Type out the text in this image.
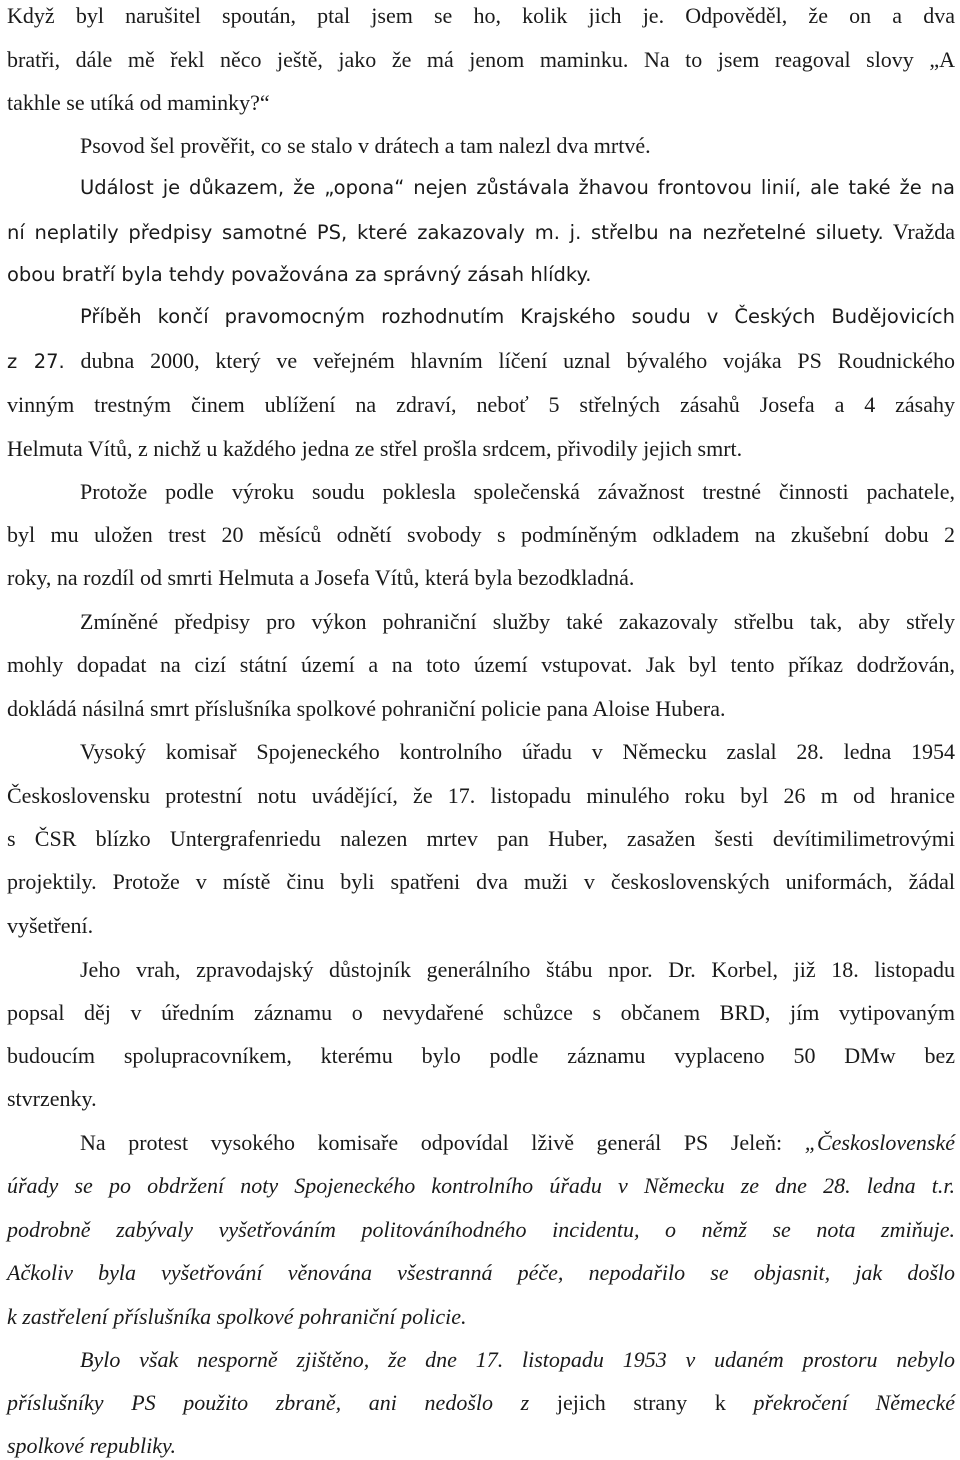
Když byl narušitel spoután, ptal jsem se ho, kolik jich je. Odpověděl, že on a dva
bratři, dále mě řekl něco ještě, jako že má jenom maminku. Na to jsem reagoval slovy „A
takhle se utíká od maminky?“
Psovod šel prověřit, co se stalo v drátech a tam nalezl dva mrtvé.
Událost je důkazem, že „opona“ nejen zůstávala žhavou frontovou linií, ale také že na
ní neplatily předpisy samotné PS, které zakazovaly m. j. střelbu na nezřetelné siluety. Vražda
obou bratří byla tehdy považována za správný zásah hlídky.
Příběh končí pravomocným rozhodnutím Krajského soudu v Českých Budějovicích
z 27. dubna 2000, který ve veřejném hlavním líčení uznal bývalého vojáka PS Roudnického
vinným trestným činem ublížení na zdraví, neboť 5 střelných zásahů Josefa a 4 zásahy
Helmuta Vítů, z nichž u každého jedna ze střel prošla srdcem, přivodily jejich smrt.
Protože podle výroku soudu poklesla společenská závažnost trestné činnosti pachatele,
byl mu uložen trest 20 měsíců odnětí svobody s podmíněným odkladem na zkušební dobu 2
roky, na rozdíl od smrti Helmuta a Josefa Vítů, která byla bezodkladná.
Zmíněné předpisy pro výkon pohraniční služby také zakazovaly střelbu tak, aby střely
mohly dopadat na cizí státní území a na toto území vstupovat. Jak byl tento příkaz dodržován,
dokládá násilná smrt příslušníka spolkové pohraniční policie pana Aloise Hubera.
Vysoký komisař Spojeneckého kontrolního úřadu v Německu zaslal 28. ledna 1954
Československu protestní notu uvádějící, že 17. listopadu minulého roku byl 26 m od hranice
s ČSR blízko Untergrafenriedu nalezen mrtev pan Huber, zasažen šesti devítimilimetrovými
projektily. Protože v místě činu byli spatřeni dva muži v československých uniformách, žádal
vyšetření.
Jeho vrah, zpravodajský důstojník generálního štábu npor. Dr. Korbel, již 18. listopadu
popsal děj v úředním záznamu o nevydařené schůzce s občanem BRD, jím vytipovaným
budoucím spolupracovníkem, kterému bylo podle záznamu vyplaceno 50 DMw bez
stvrzenky.
Na protest vysokého komisaře odpovídal lživě generál PS Jeleň: „Československé
úřady se po obdržení noty Spojeneckého kontrolního úřadu v Německu ze dne 28. ledna t.r.
podrobně zabývaly vyšetřováním politováníhodného incidentu, o němž se nota zmiňuje.
Ačkoliv byla vyšetřování věnována všestranná péče, nepodařilo se objasnit, jak došlo
k zastřelení příslušníka spolkové pohraniční policie.
Bylo však nesporně zjištěno, že dne 17. listopadu 1953 v udaném prostoru nebylo
příslušníky PS použito zbraně, ani nedošlo z jejich strany k překročení Německé
spolkové republiky.
